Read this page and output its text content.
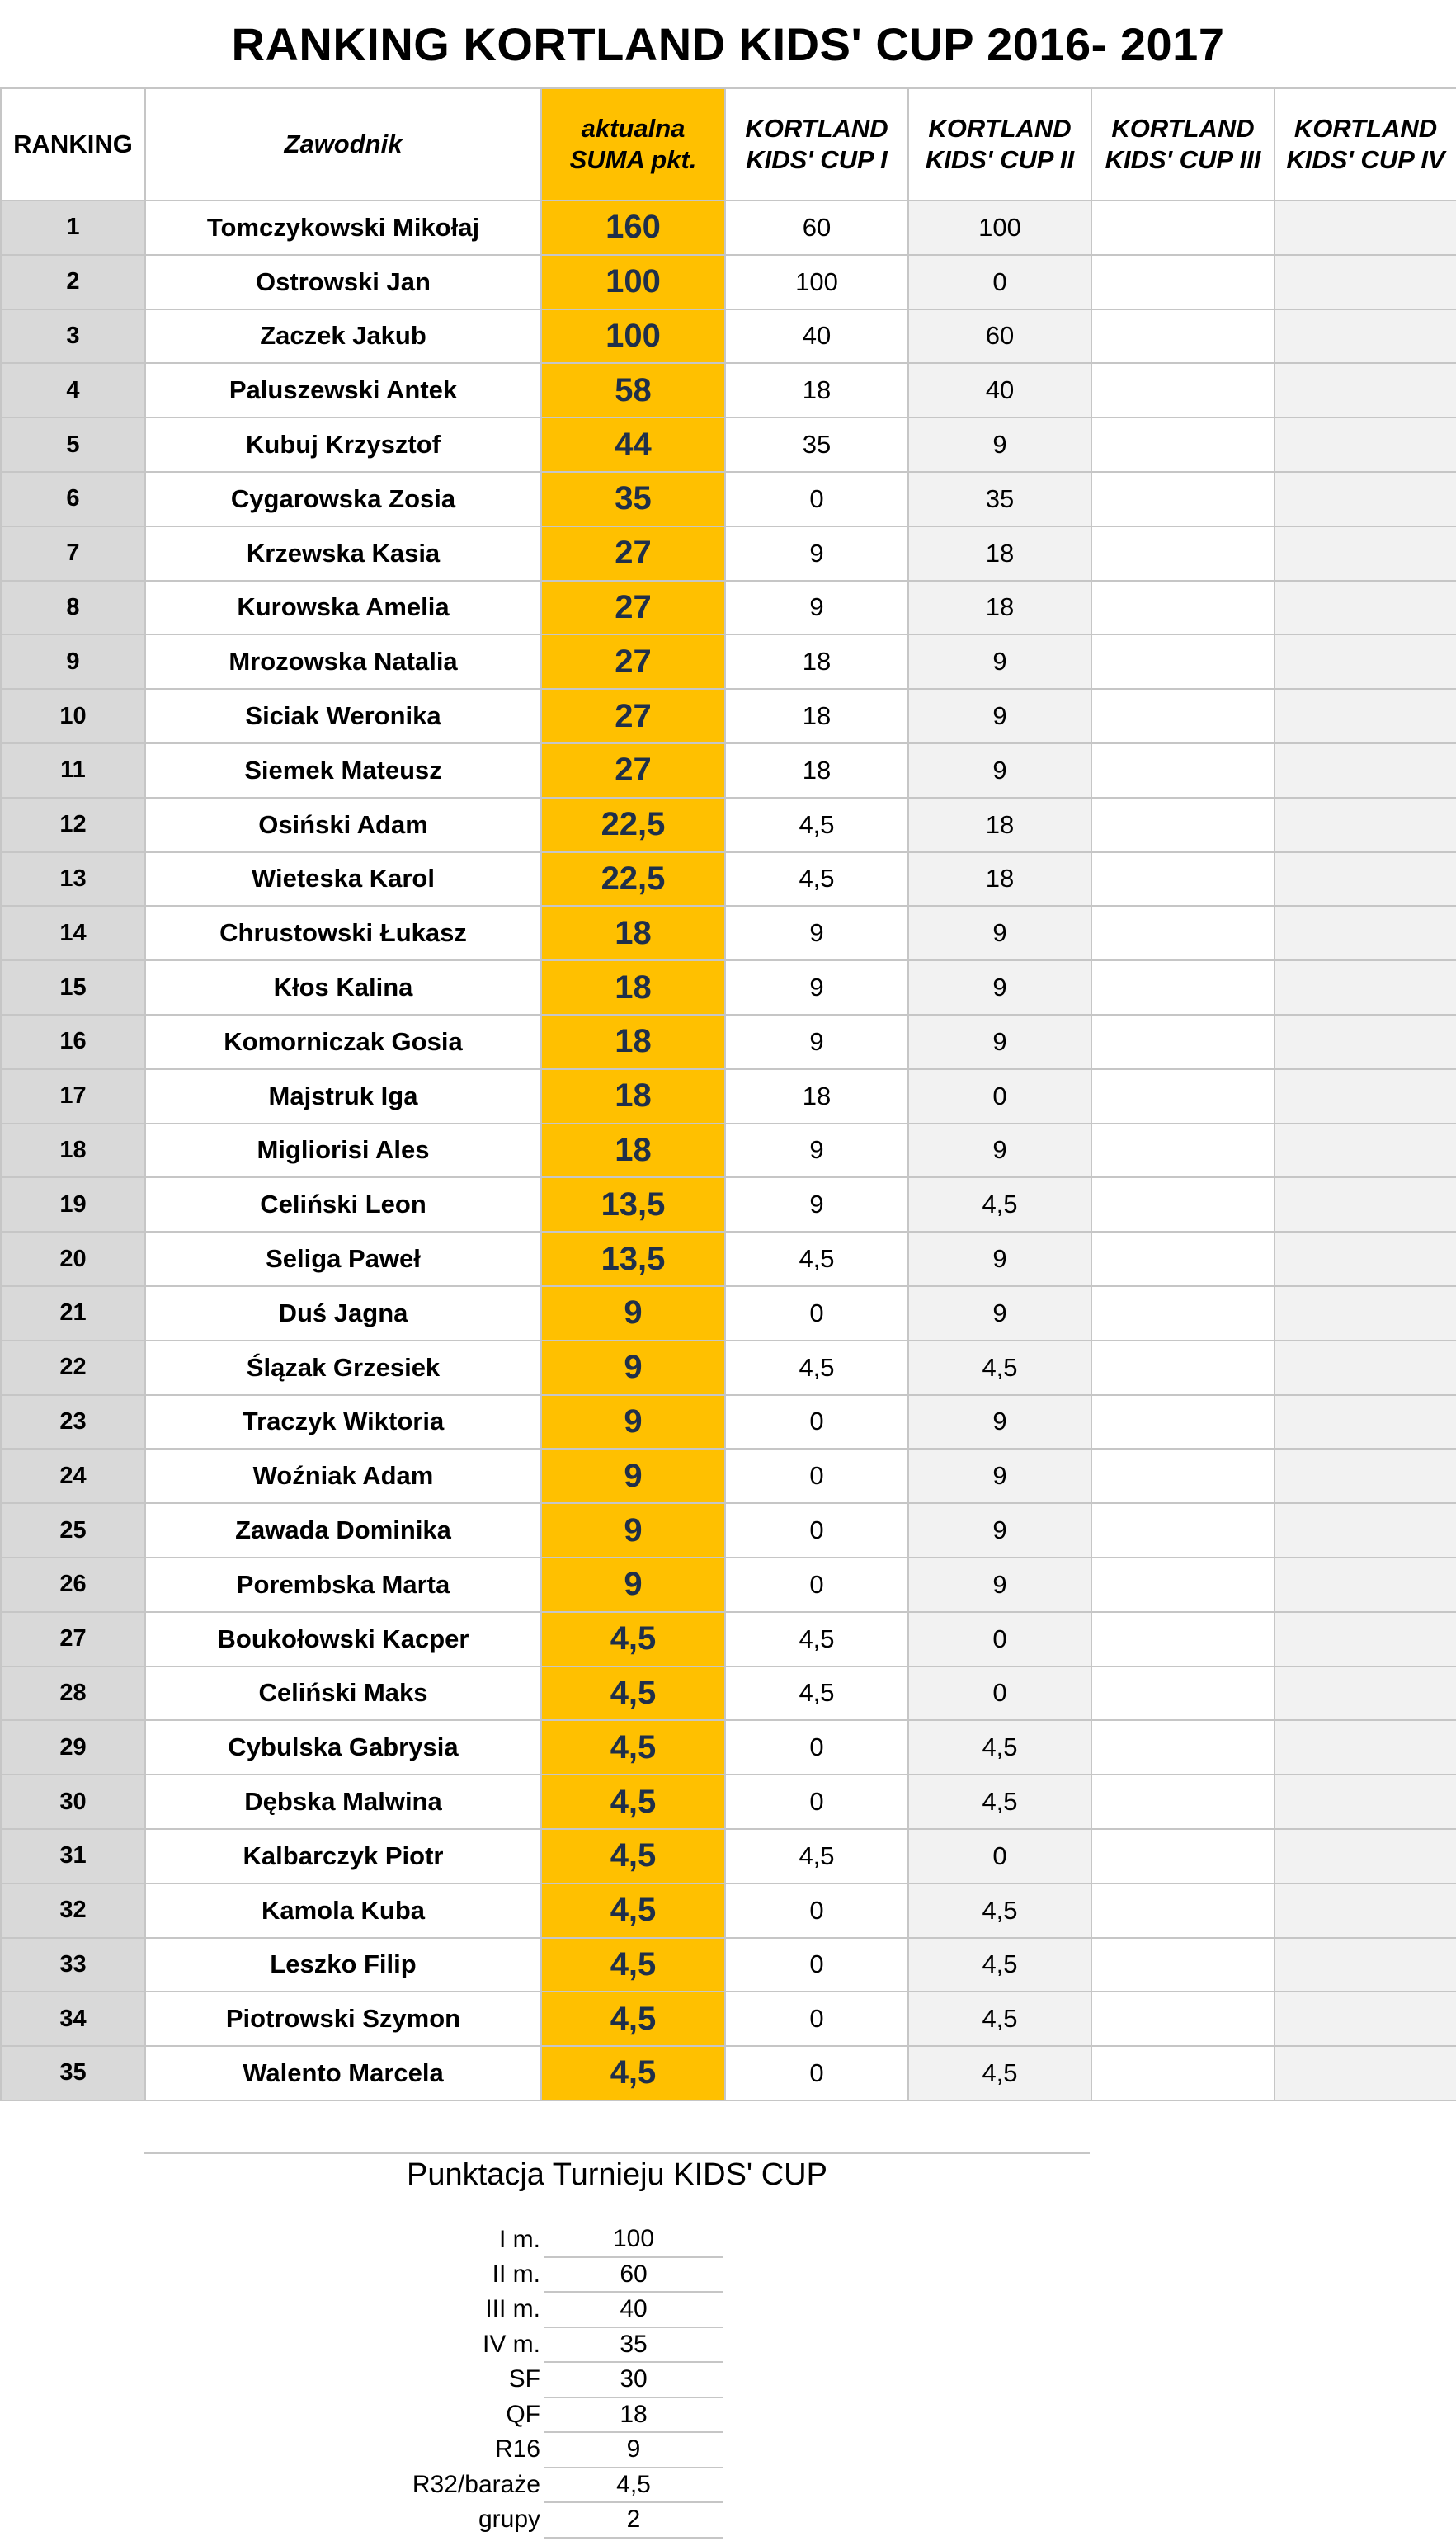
RANKING KORTLAND KIDS' CUP 2016- 2017
RANKING	Zawodnik	aktualna SUMA pkt.	KORTLAND KIDS' CUP I	KORTLAND KIDS' CUP II	KORTLAND KIDS' CUP III	KORTLAND KIDS' CUP IV
1	Tomczykowski Mikołaj	160	60	100		
2	Ostrowski Jan	100	100	0		
3	Zaczek Jakub	100	40	60		
4	Paluszewski Antek	58	18	40		
5	Kubuj Krzysztof	44	35	9		
6	Cygarowska Zosia	35	0	35		
7	Krzewska Kasia	27	9	18		
8	Kurowska Amelia	27	9	18		
9	Mrozowska Natalia	27	18	9		
10	Siciak Weronika	27	18	9		
11	Siemek Mateusz	27	18	9		
12	Osiński Adam	22,5	4,5	18		
13	Wieteska Karol	22,5	4,5	18		
14	Chrustowski Łukasz	18	9	9		
15	Kłos Kalina	18	9	9		
16	Komorniczak Gosia	18	9	9		
17	Majstruk Iga	18	18	0		
18	Migliorisi Ales	18	9	9		
19	Celiński Leon	13,5	9	4,5		
20	Seliga Paweł	13,5	4,5	9		
21	Duś Jagna	9	0	9		
22	Ślązak Grzesiek	9	4,5	4,5		
23	Traczyk Wiktoria	9	0	9		
24	Woźniak Adam	9	0	9		
25	Zawada Dominika	9	0	9		
26	Porembska Marta	9	0	9		
27	Boukołowski Kacper	4,5	4,5	0		
28	Celiński Maks	4,5	4,5	0		
29	Cybulska Gabrysia	4,5	0	4,5		
30	Dębska Malwina	4,5	0	4,5		
31	Kalbarczyk Piotr	4,5	4,5	0		
32	Kamola Kuba	4,5	0	4,5		
33	Leszko Filip	4,5	0	4,5		
34	Piotrowski Szymon	4,5	0	4,5		
35	Walento Marcela	4,5	0	4,5		
Punktacja Turnieju KIDS' CUP
I m.	100
II m.	60
III m.	40
IV m.	35
SF	30
QF	18
R16	9
R32/baraże	4,5
grupy	2
